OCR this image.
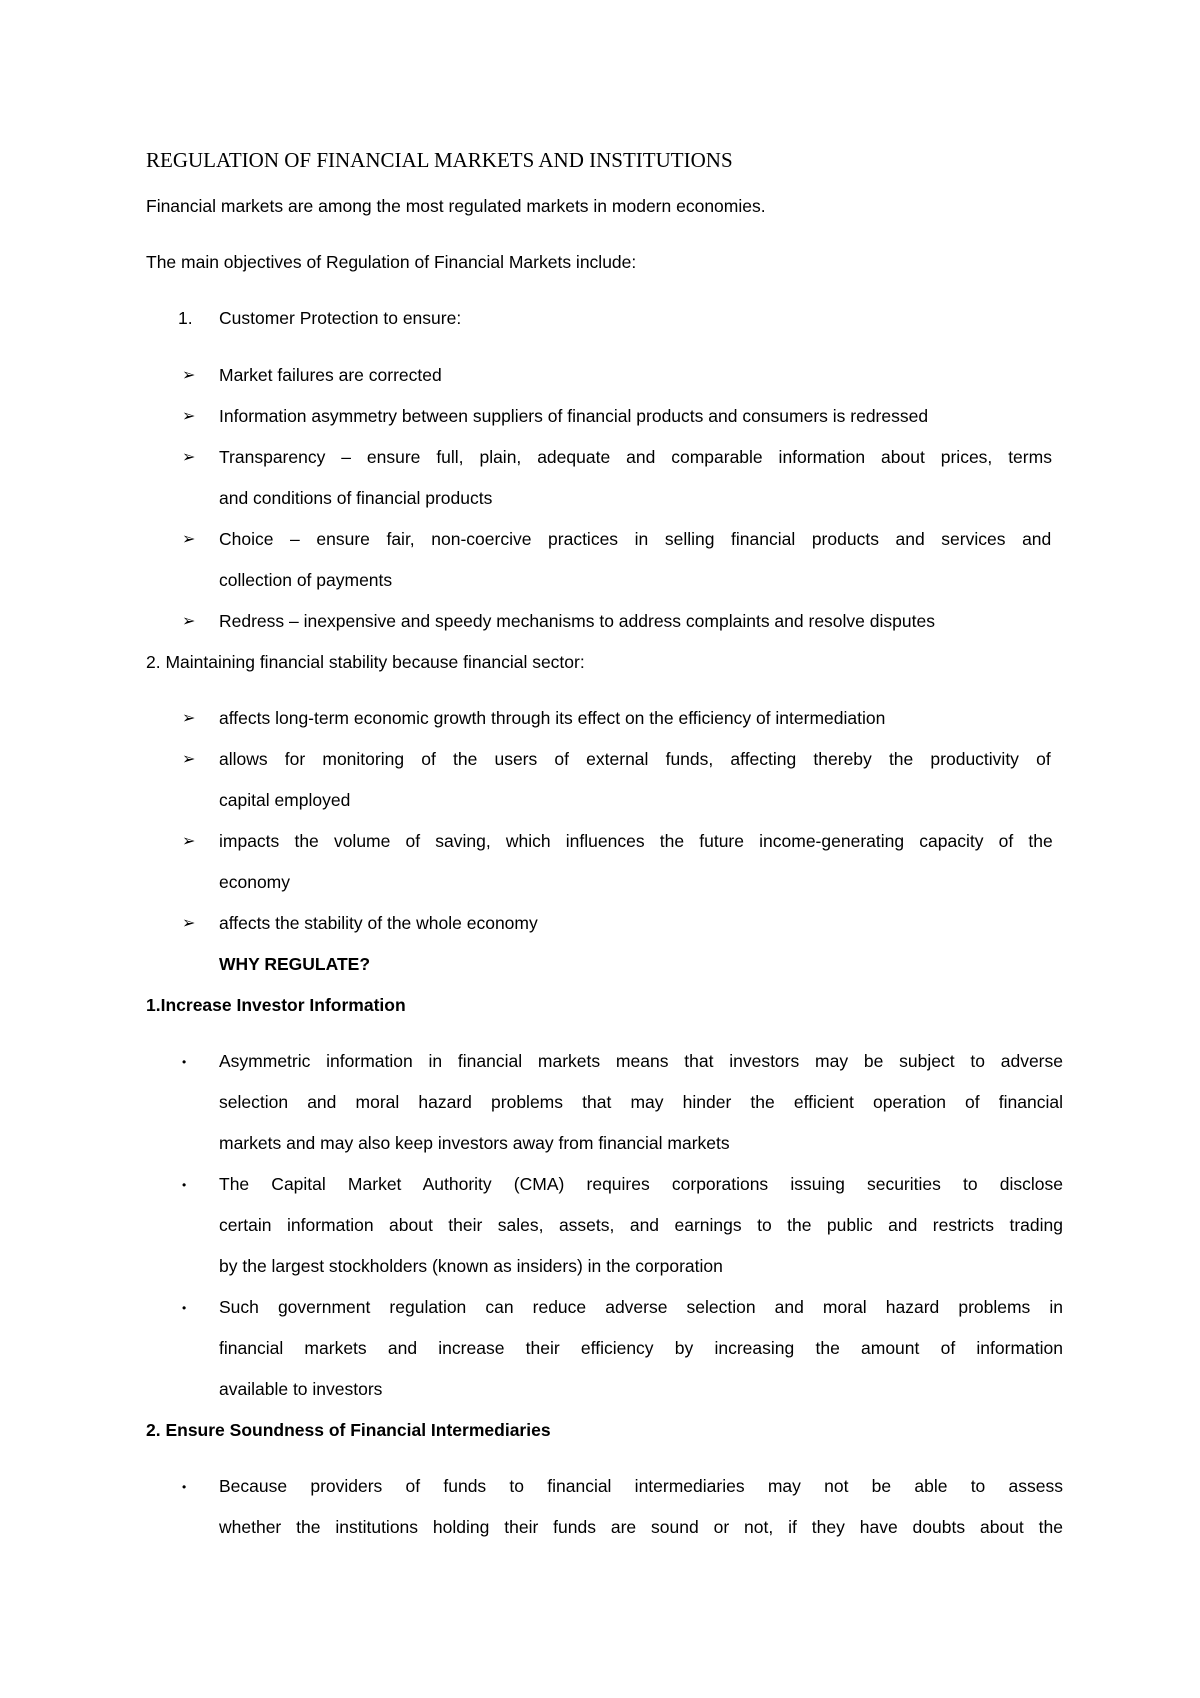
REGULATION OF FINANCIAL MARKETS AND INSTITUTIONS
Financial markets are among the most regulated markets in modern economies.
The main objectives of Regulation of Financial Markets include:
1. Customer Protection to ensure:
➢ Market failures are corrected
➢ Information asymmetry between suppliers of financial products and consumers is redressed
➢ Transparency – ensure full, plain, adequate and comparable information about prices, terms
and conditions of financial products
➢ Choice – ensure fair, non-coercive practices in selling financial products and services and
collection of payments
➢ Redress – inexpensive and speedy mechanisms to address complaints and resolve disputes
2. Maintaining financial stability because financial sector:
➢ affects long-term economic growth through its effect on the efficiency of intermediation
➢ allows for monitoring of the users of external funds, affecting thereby the productivity of
capital employed
➢ impacts the volume of saving, which influences the future income-generating capacity of the
economy
➢ affects the stability of the whole economy
WHY REGULATE?
1.Increase Investor Information
• Asymmetric information in financial markets means that investors may be subject to adverse
selection and moral hazard problems that may hinder the efficient operation of financial
markets and may also keep investors away from financial markets
• The Capital Market Authority (CMA) requires corporations issuing securities to disclose
certain information about their sales, assets, and earnings to the public and restricts trading
by the largest stockholders (known as insiders) in the corporation
• Such government regulation can reduce adverse selection and moral hazard problems in
financial markets and increase their efficiency by increasing the amount of information
available to investors
2. Ensure Soundness of Financial Intermediaries
• Because providers of funds to financial intermediaries may not be able to assess
whether the institutions holding their funds are sound or not, if they have doubts about the
